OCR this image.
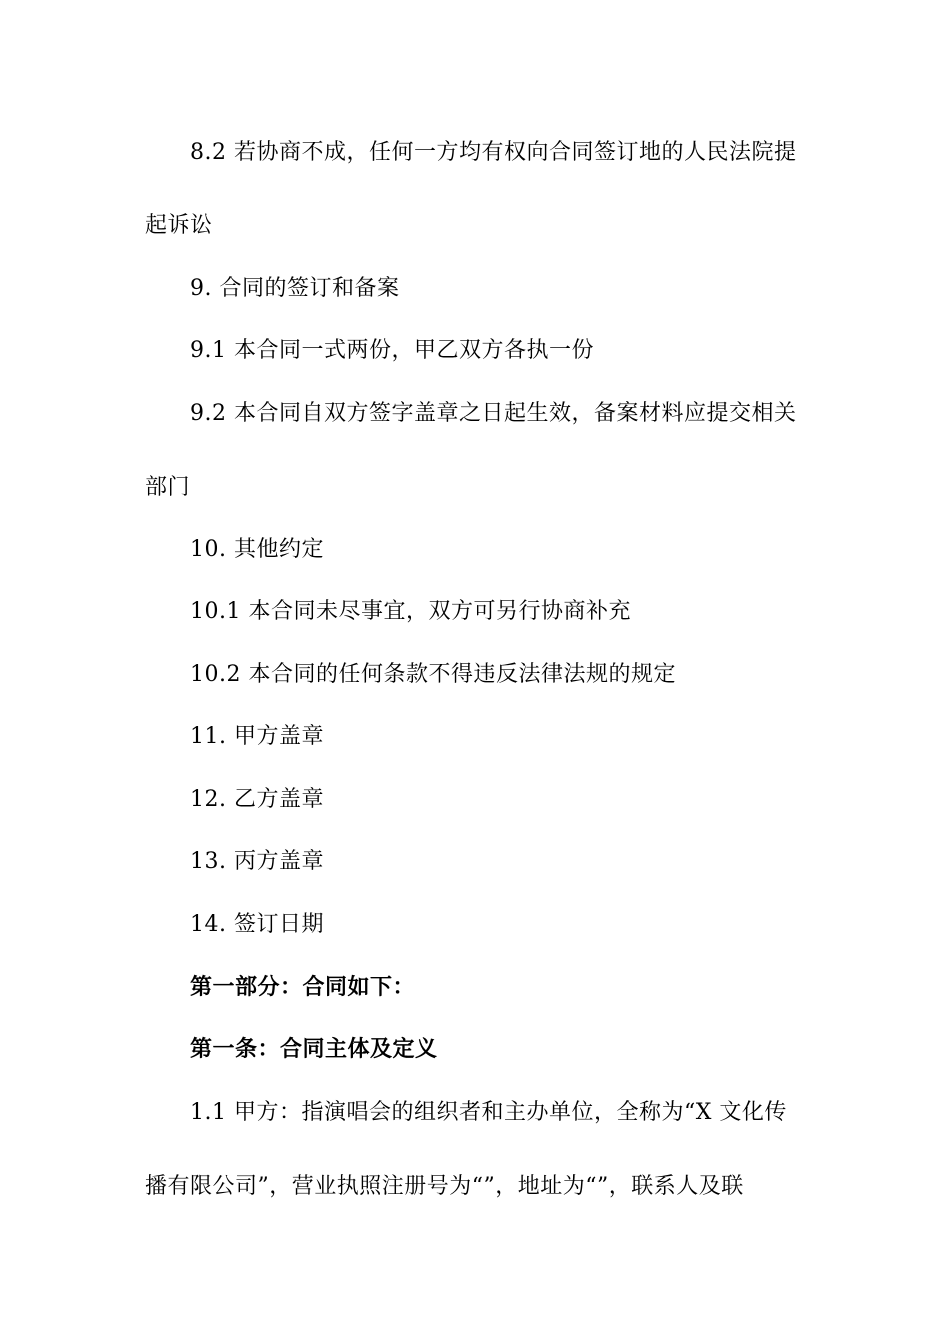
8.2 若协商不成，任何一方均有权向合同签订地的人民法院提
起诉讼
9. 合同的签订和备案
9.1 本合同一式两份，甲乙双方各执一份
9.2 本合同自双方签字盖章之日起生效，备案材料应提交相关
部门
10. 其他约定
10.1 本合同未尽事宜，双方可另行协商补充
10.2 本合同的任何条款不得违反法律法规的规定
11. 甲方盖章
12. 乙方盖章
13. 丙方盖章
14. 签订日期
第一部分：合同如下：
第一条：合同主体及定义
1.1 甲方：指演唱会的组织者和主办单位，全称为“X 文化传
播有限公司”，营业执照注册号为“”，地址为“”，联系人及联
